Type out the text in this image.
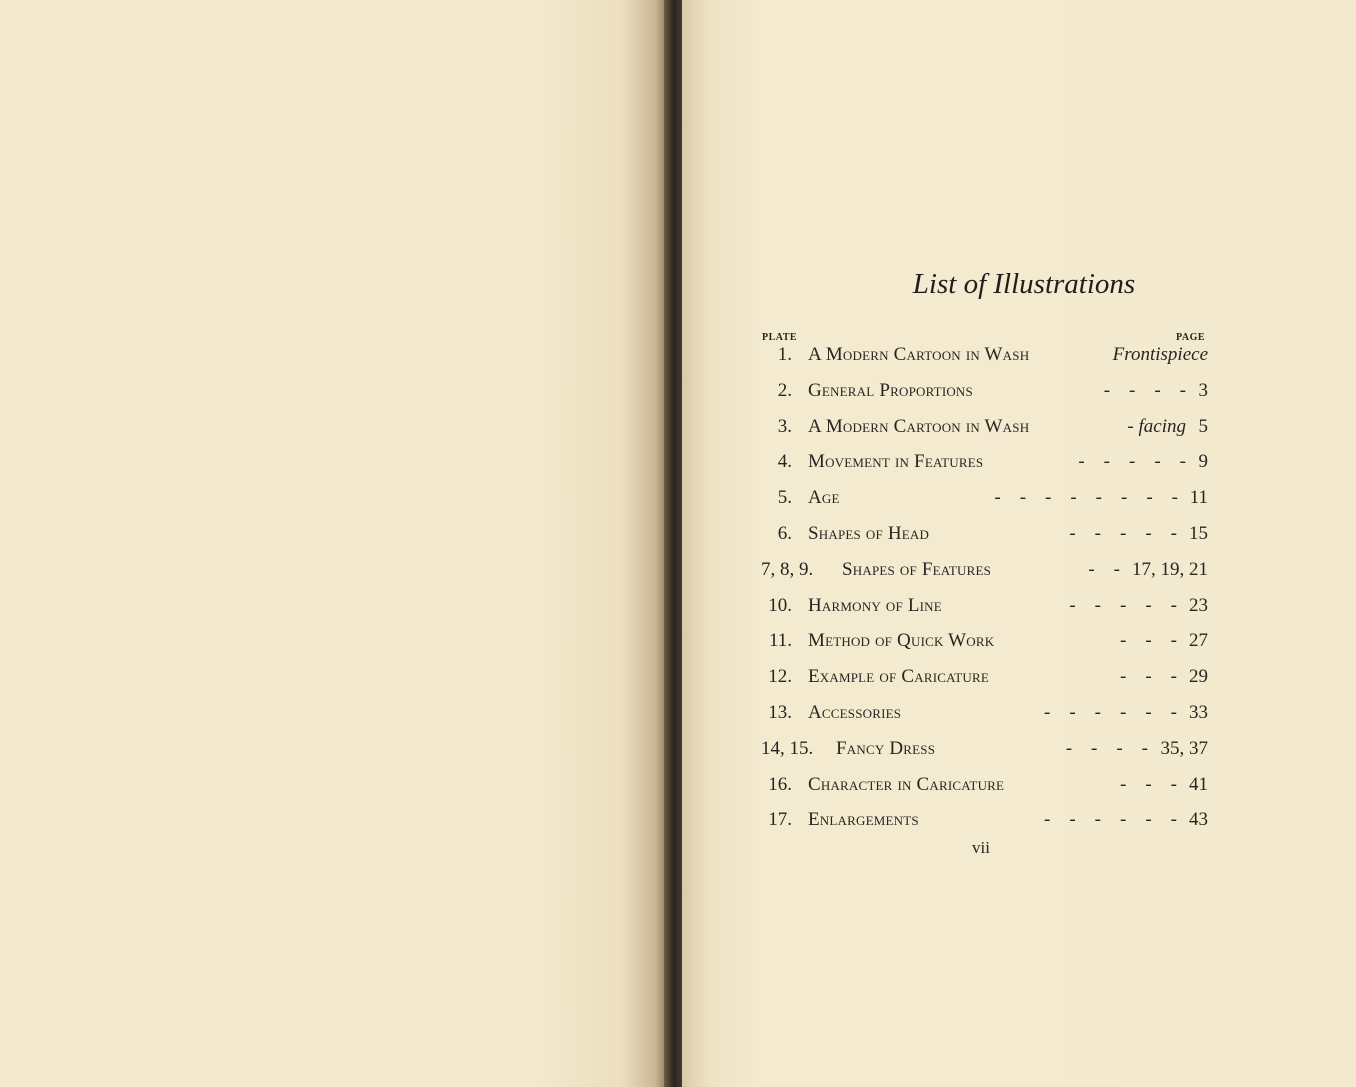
List of Illustrations
PLATE	PAGE
1. A Modern Cartoon in Wash	Frontispiece
2. General Proportions	-    -    -    - 3
3. A Modern Cartoon in Wash	- facing 5
4. Movement in Features	-    -    -    -    - 9
5. Age	-    -    -    -    -    -    -    - 11
6. Shapes of Head	-    -    -    -    - 15
7, 8, 9. Shapes of Features	-    - 17, 19, 21
10. Harmony of Line	-    -    -    -    - 23
11. Method of Quick Work	-    -    - 27
12. Example of Caricature	-    -    - 29
13. Accessories	-    -    -    -    -    - 33
14, 15. Fancy Dress	-    -    -    - 35, 37
16. Character in Caricature	-    -    - 41
17. Enlargements	-    -    -    -    -    - 43
vii
